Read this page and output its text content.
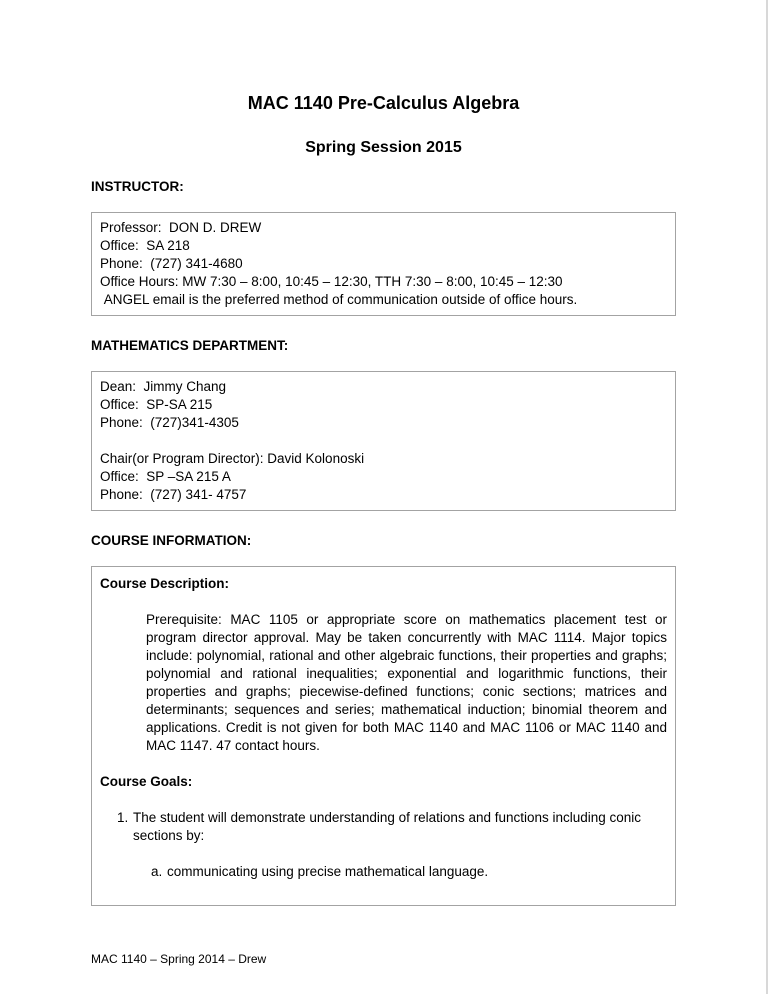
MAC 1140 Pre-Calculus Algebra
Spring Session 2015
INSTRUCTOR:
Professor:  DON D. DREW
Office:  SA 218
Phone:  (727) 341-4680
Office Hours: MW 7:30 – 8:00, 10:45 – 12:30, TTH 7:30 – 8:00, 10:45 – 12:30
ANGEL email is the preferred method of communication outside of office hours.
MATHEMATICS DEPARTMENT:
Dean:  Jimmy Chang
Office:  SP-SA 215
Phone:  (727)341-4305
Chair(or Program Director): David Kolonoski
Office:  SP –SA 215 A
Phone:  (727) 341- 4757
COURSE INFORMATION:
Course Description:

Prerequisite: MAC 1105 or appropriate score on mathematics placement test or program director approval. May be taken concurrently with MAC 1114. Major topics include: polynomial, rational and other algebraic functions, their properties and graphs; polynomial and rational inequalities; exponential and logarithmic functions, their properties and graphs; piecewise-defined functions; conic sections; matrices and determinants; sequences and series; mathematical induction; binomial theorem and applications. Credit is not given for both MAC 1140 and MAC 1106 or MAC 1140 and MAC 1147. 47 contact hours.

Course Goals:
1. The student will demonstrate understanding of relations and functions including conic sections by:
a. communicating using precise mathematical language.
MAC 1140 – Spring 2014 – Drew
